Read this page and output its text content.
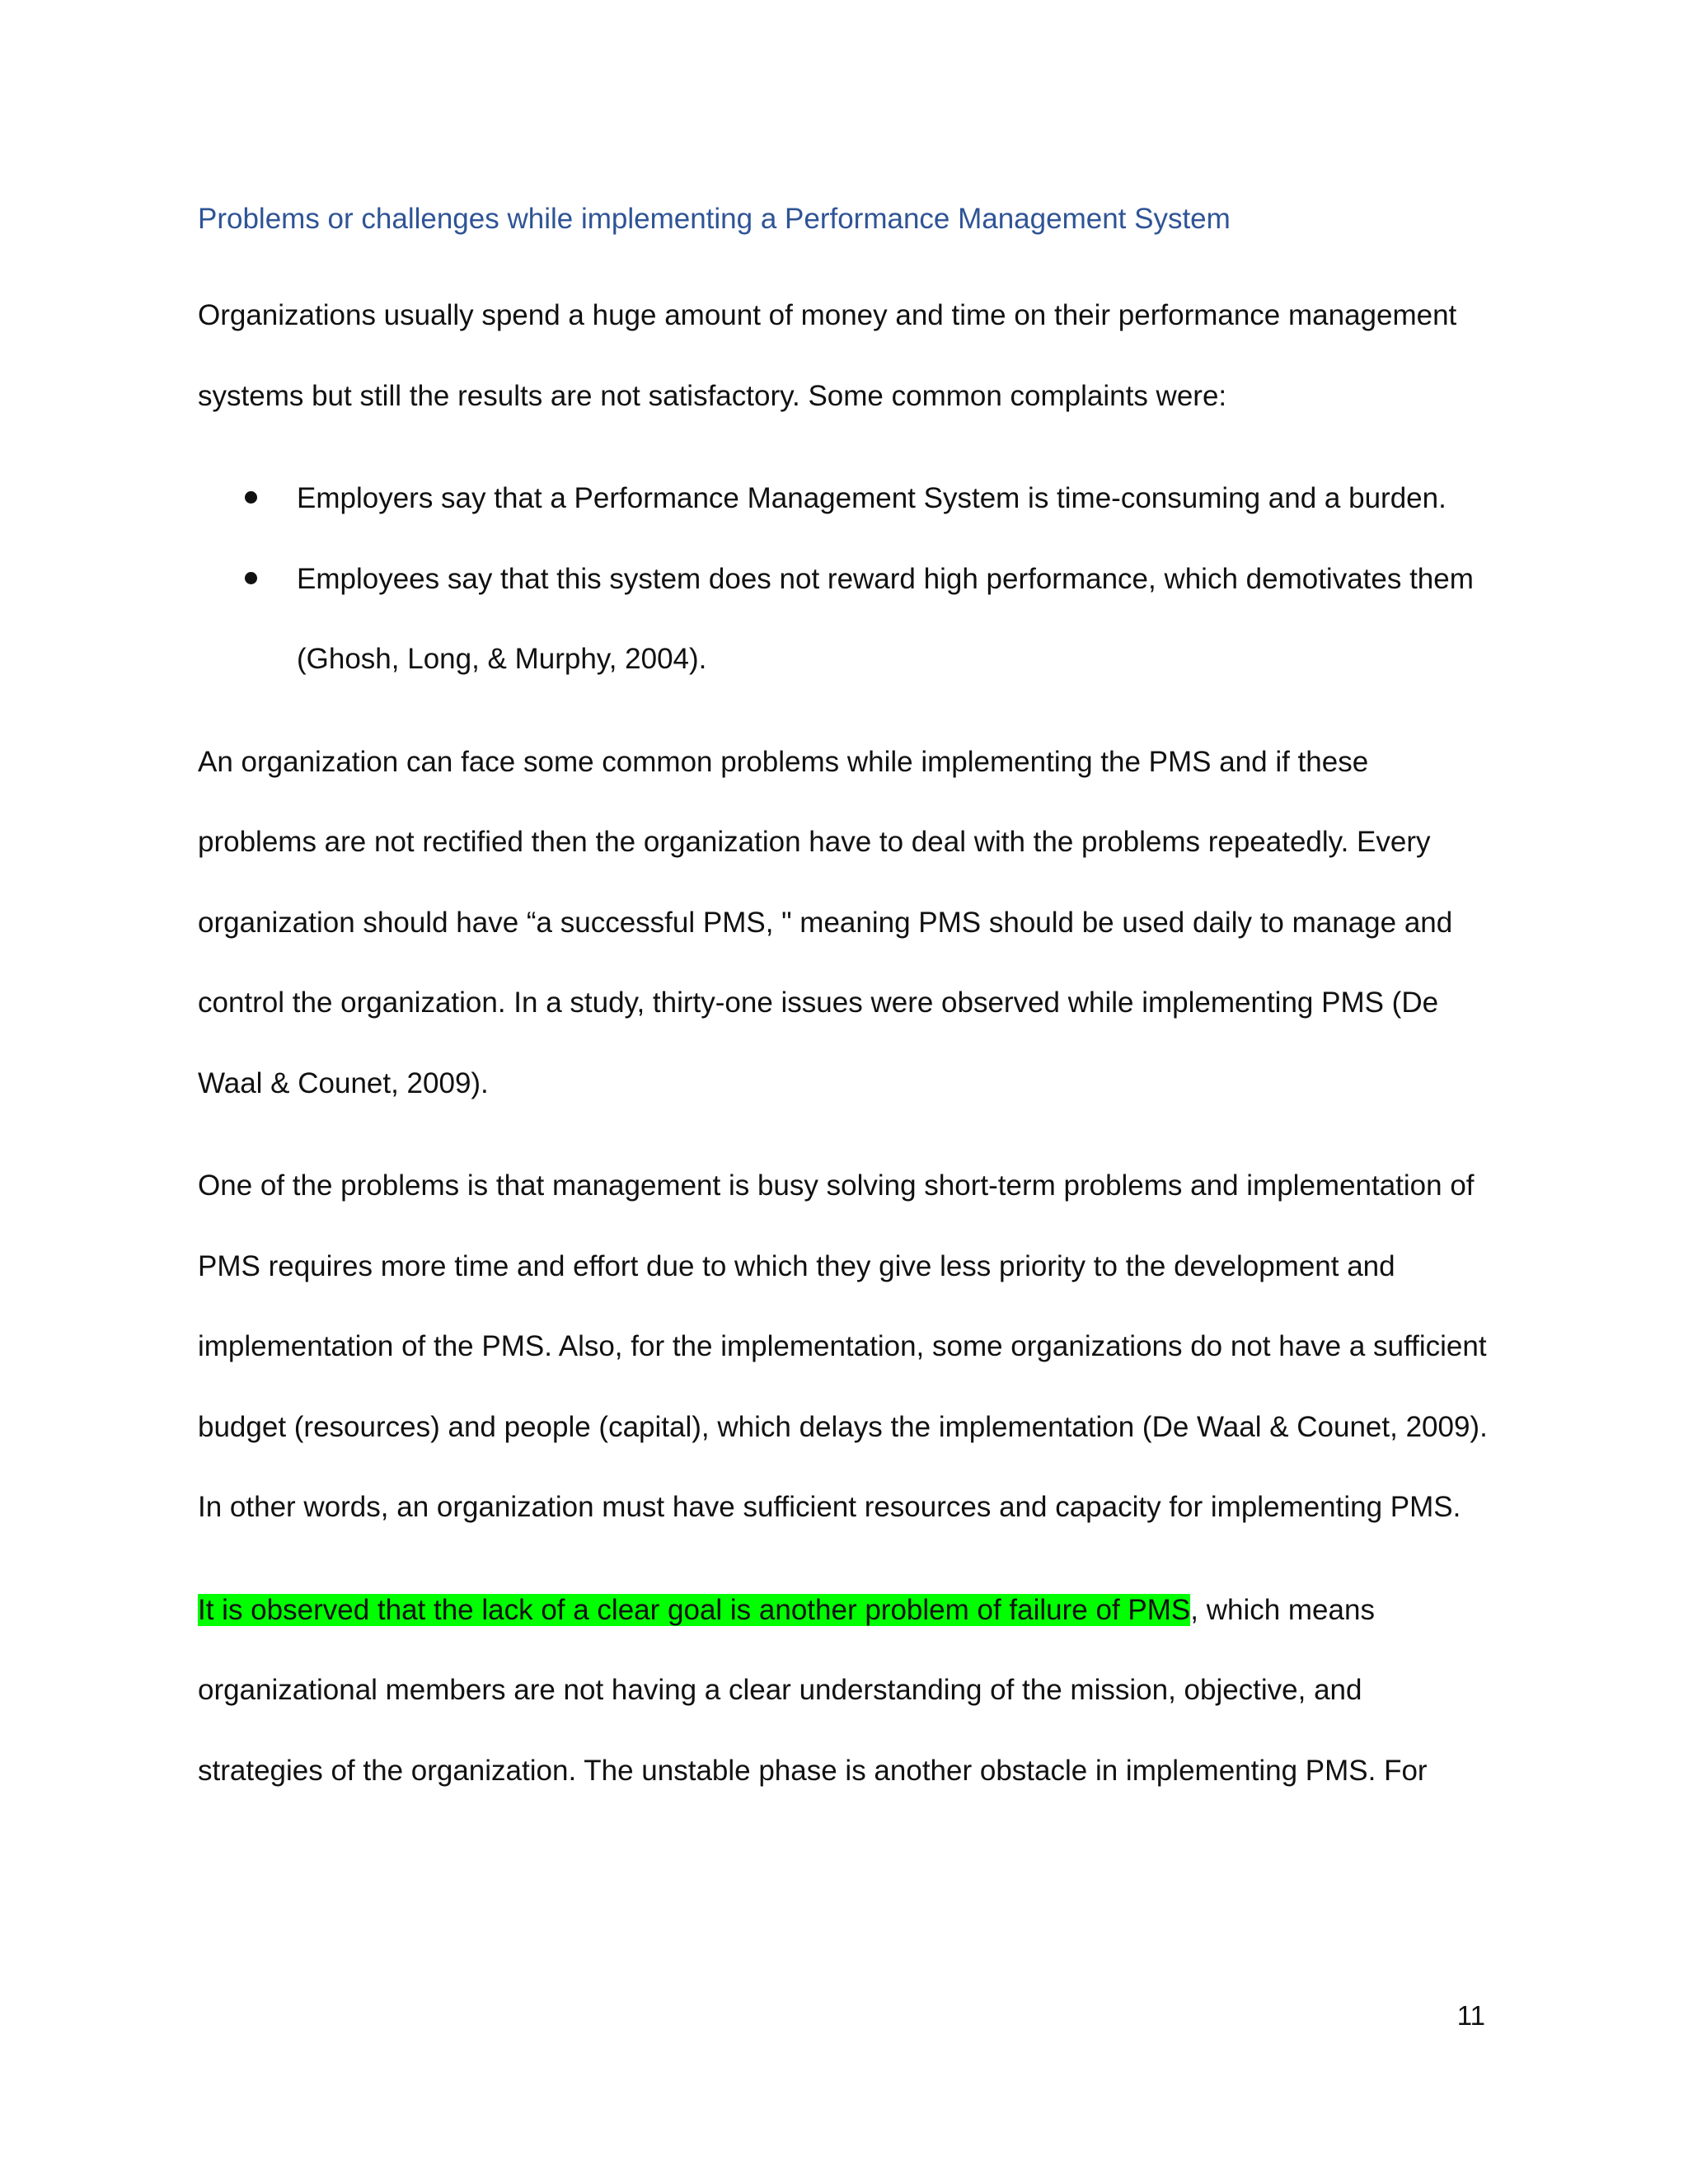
Problems or challenges while implementing a Performance Management System

Organizations usually spend a huge amount of money and time on their performance management systems but still the results are not satisfactory. Some common complaints were:

Employers say that a Performance Management System is time-consuming and a burden.
Employees say that this system does not reward high performance, which demotivates them (Ghosh, Long, & Murphy, 2004).

An organization can face some common problems while implementing the PMS and if these problems are not rectified then the organization have to deal with the problems repeatedly. Every organization should have “a successful PMS, " meaning PMS should be used daily to manage and control the organization. In a study, thirty-one issues were observed while implementing PMS (De Waal & Counet, 2009).

One of the problems is that management is busy solving short-term problems and implementation of PMS requires more time and effort due to which they give less priority to the development and implementation of the PMS. Also, for the implementation, some organizations do not have a sufficient budget (resources) and people (capital), which delays the implementation (De Waal & Counet, 2009). In other words, an organization must have sufficient resources and capacity for implementing PMS.

It is observed that the lack of a clear goal is another problem of failure of PMS, which means organizational members are not having a clear understanding of the mission, objective, and strategies of the organization. The unstable phase is another obstacle in implementing PMS. For

11
